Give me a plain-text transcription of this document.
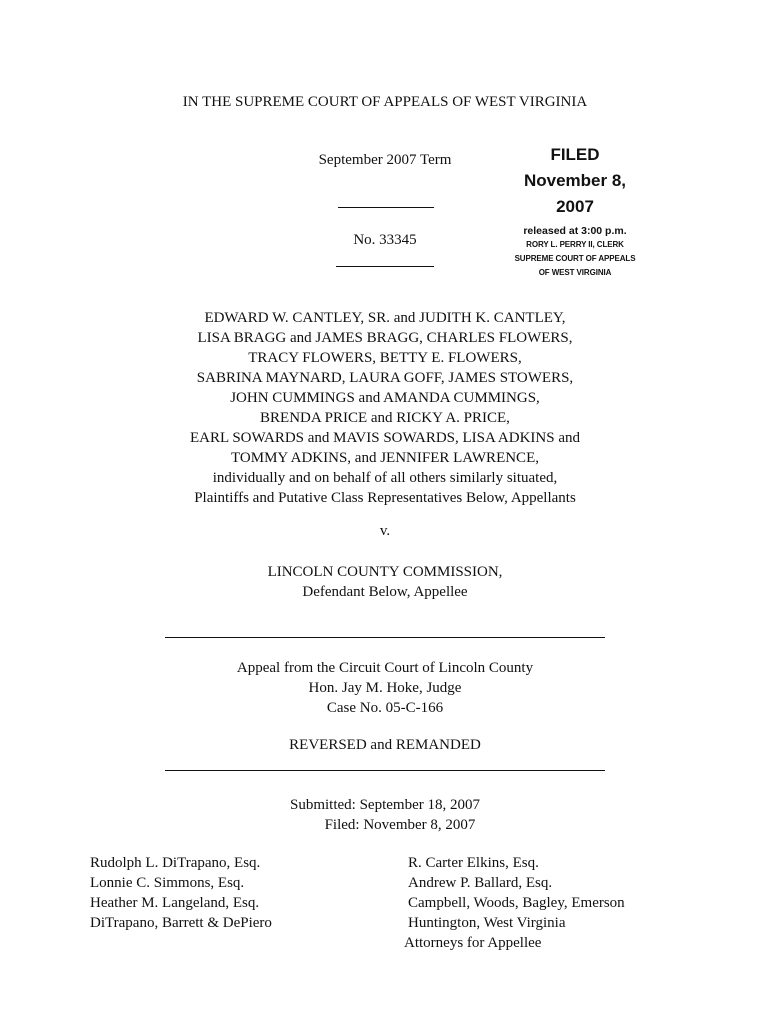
IN THE SUPREME COURT OF APPEALS OF WEST VIRGINIA
September 2007 Term
No. 33345
FILED
November 8,
2007
released at 3:00 p.m.
RORY L. PERRY II, CLERK
SUPREME COURT OF APPEALS
OF WEST VIRGINIA
EDWARD W. CANTLEY, SR. and JUDITH K. CANTLEY,
LISA BRAGG and JAMES BRAGG, CHARLES FLOWERS,
TRACY FLOWERS, BETTY E. FLOWERS,
SABRINA MAYNARD, LAURA GOFF, JAMES STOWERS,
JOHN CUMMINGS and AMANDA CUMMINGS,
BRENDA PRICE and RICKY A. PRICE,
EARL SOWARDS and MAVIS SOWARDS, LISA ADKINS and
TOMMY ADKINS, and JENNIFER LAWRENCE,
individually and on behalf of all others similarly situated,
Plaintiffs and Putative Class Representatives Below, Appellants
v.
LINCOLN COUNTY COMMISSION,
Defendant Below, Appellee
Appeal from the Circuit Court of Lincoln County
Hon. Jay M. Hoke, Judge
Case No. 05-C-166
REVERSED and REMANDED
Submitted: September 18, 2007
Filed: November 8, 2007
Rudolph L. DiTrapano, Esq.
Lonnie C. Simmons, Esq.
Heather M. Langeland, Esq.
DiTrapano, Barrett & DePiero
R. Carter Elkins, Esq.
Andrew P. Ballard, Esq.
Campbell, Woods, Bagley, Emerson
Huntington, West Virginia
Attorneys for Appellee
